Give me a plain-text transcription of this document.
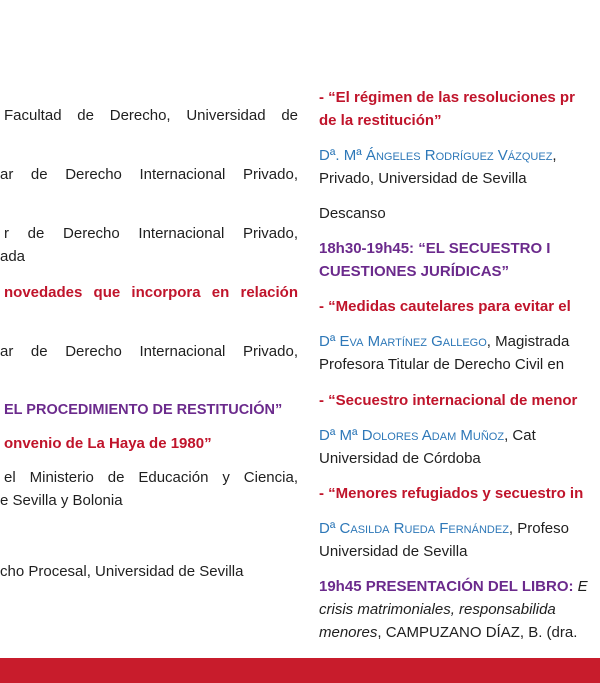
Facultad de Derecho, Universidad de
ar de Derecho Internacional Privado,
r de Derecho Internacional Privado,
ada
novedades que incorpora en relación
ar de Derecho Internacional Privado,
EL PROCEDIMIENTO DE RESTITUCIÓN”
onvenio de La Haya de 1980”
el Ministerio de Educación y Ciencia,
e Sevilla y Bolonia
cho Procesal, Universidad de Sevilla
- “El régimen de las resoluciones pr
de la restitución”
Dª. Mª Ángeles Rodríguez Vázquez,
Privado, Universidad de Sevilla
Descanso
18h30-19h45: “EL SECUESTRO I
CUESTIONES JURÍDICAS”
- “Medidas cautelares para evitar el
Dª Eva Martínez Gallego, Magistrada
Profesora Titular de Derecho Civil en
- “Secuestro internacional de menor
Dª Mª Dolores Adam Muñoz, Cat
Universidad de Córdoba
- “Menores refugiados y secuestro in
Dª Casilda Rueda Fernández, Profeso
Universidad de Sevilla
19h45 PRESENTACIÓN DEL LIBRO: E
crisis matrimoniales, responsabilida
menores, CAMPUZANO DÍAZ, B. (dra.
